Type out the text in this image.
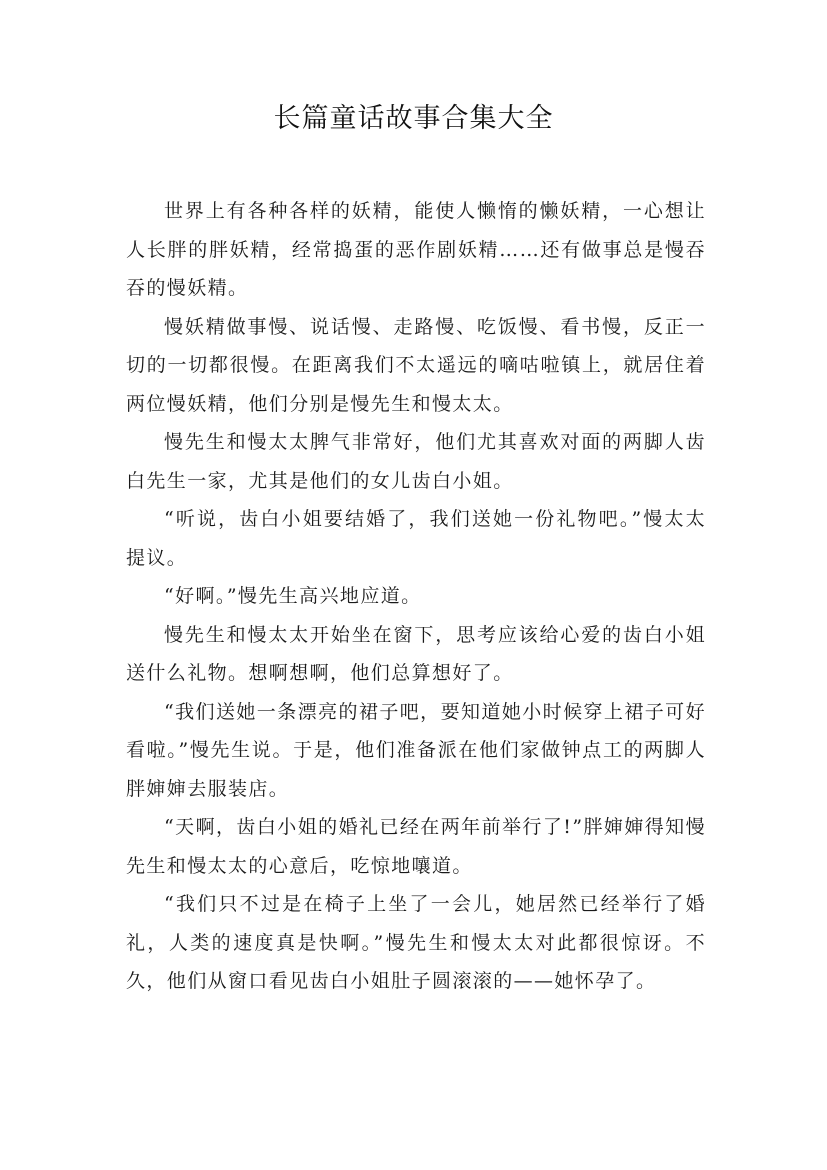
长篇童话故事合集大全

世界上有各种各样的妖精，能使人懒惰的懒妖精，一心想让人长胖的胖妖精，经常捣蛋的恶作剧妖精……还有做事总是慢吞吞的慢妖精。

慢妖精做事慢、说话慢、走路慢、吃饭慢、看书慢，反正一切的一切都很慢。在距离我们不太遥远的嘀咕啦镇上，就居住着两位慢妖精，他们分别是慢先生和慢太太。

慢先生和慢太太脾气非常好，他们尤其喜欢对面的两脚人齿白先生一家，尤其是他们的女儿齿白小姐。

“听说，齿白小姐要结婚了，我们送她一份礼物吧。”慢太太提议。

“好啊。”慢先生高兴地应道。

慢先生和慢太太开始坐在窗下，思考应该给心爱的齿白小姐送什么礼物。想啊想啊，他们总算想好了。

“我们送她一条漂亮的裙子吧，要知道她小时候穿上裙子可好看啦。”慢先生说。于是，他们准备派在他们家做钟点工的两脚人胖婶婶去服装店。

“天啊，齿白小姐的婚礼已经在两年前举行了!”胖婶婶得知慢先生和慢太太的心意后，吃惊地嚷道。

“我们只不过是在椅子上坐了一会儿，她居然已经举行了婚礼，人类的速度真是快啊。”慢先生和慢太太对此都很惊讶。不久，他们从窗口看见齿白小姐肚子圆滚滚的——她怀孕了。
